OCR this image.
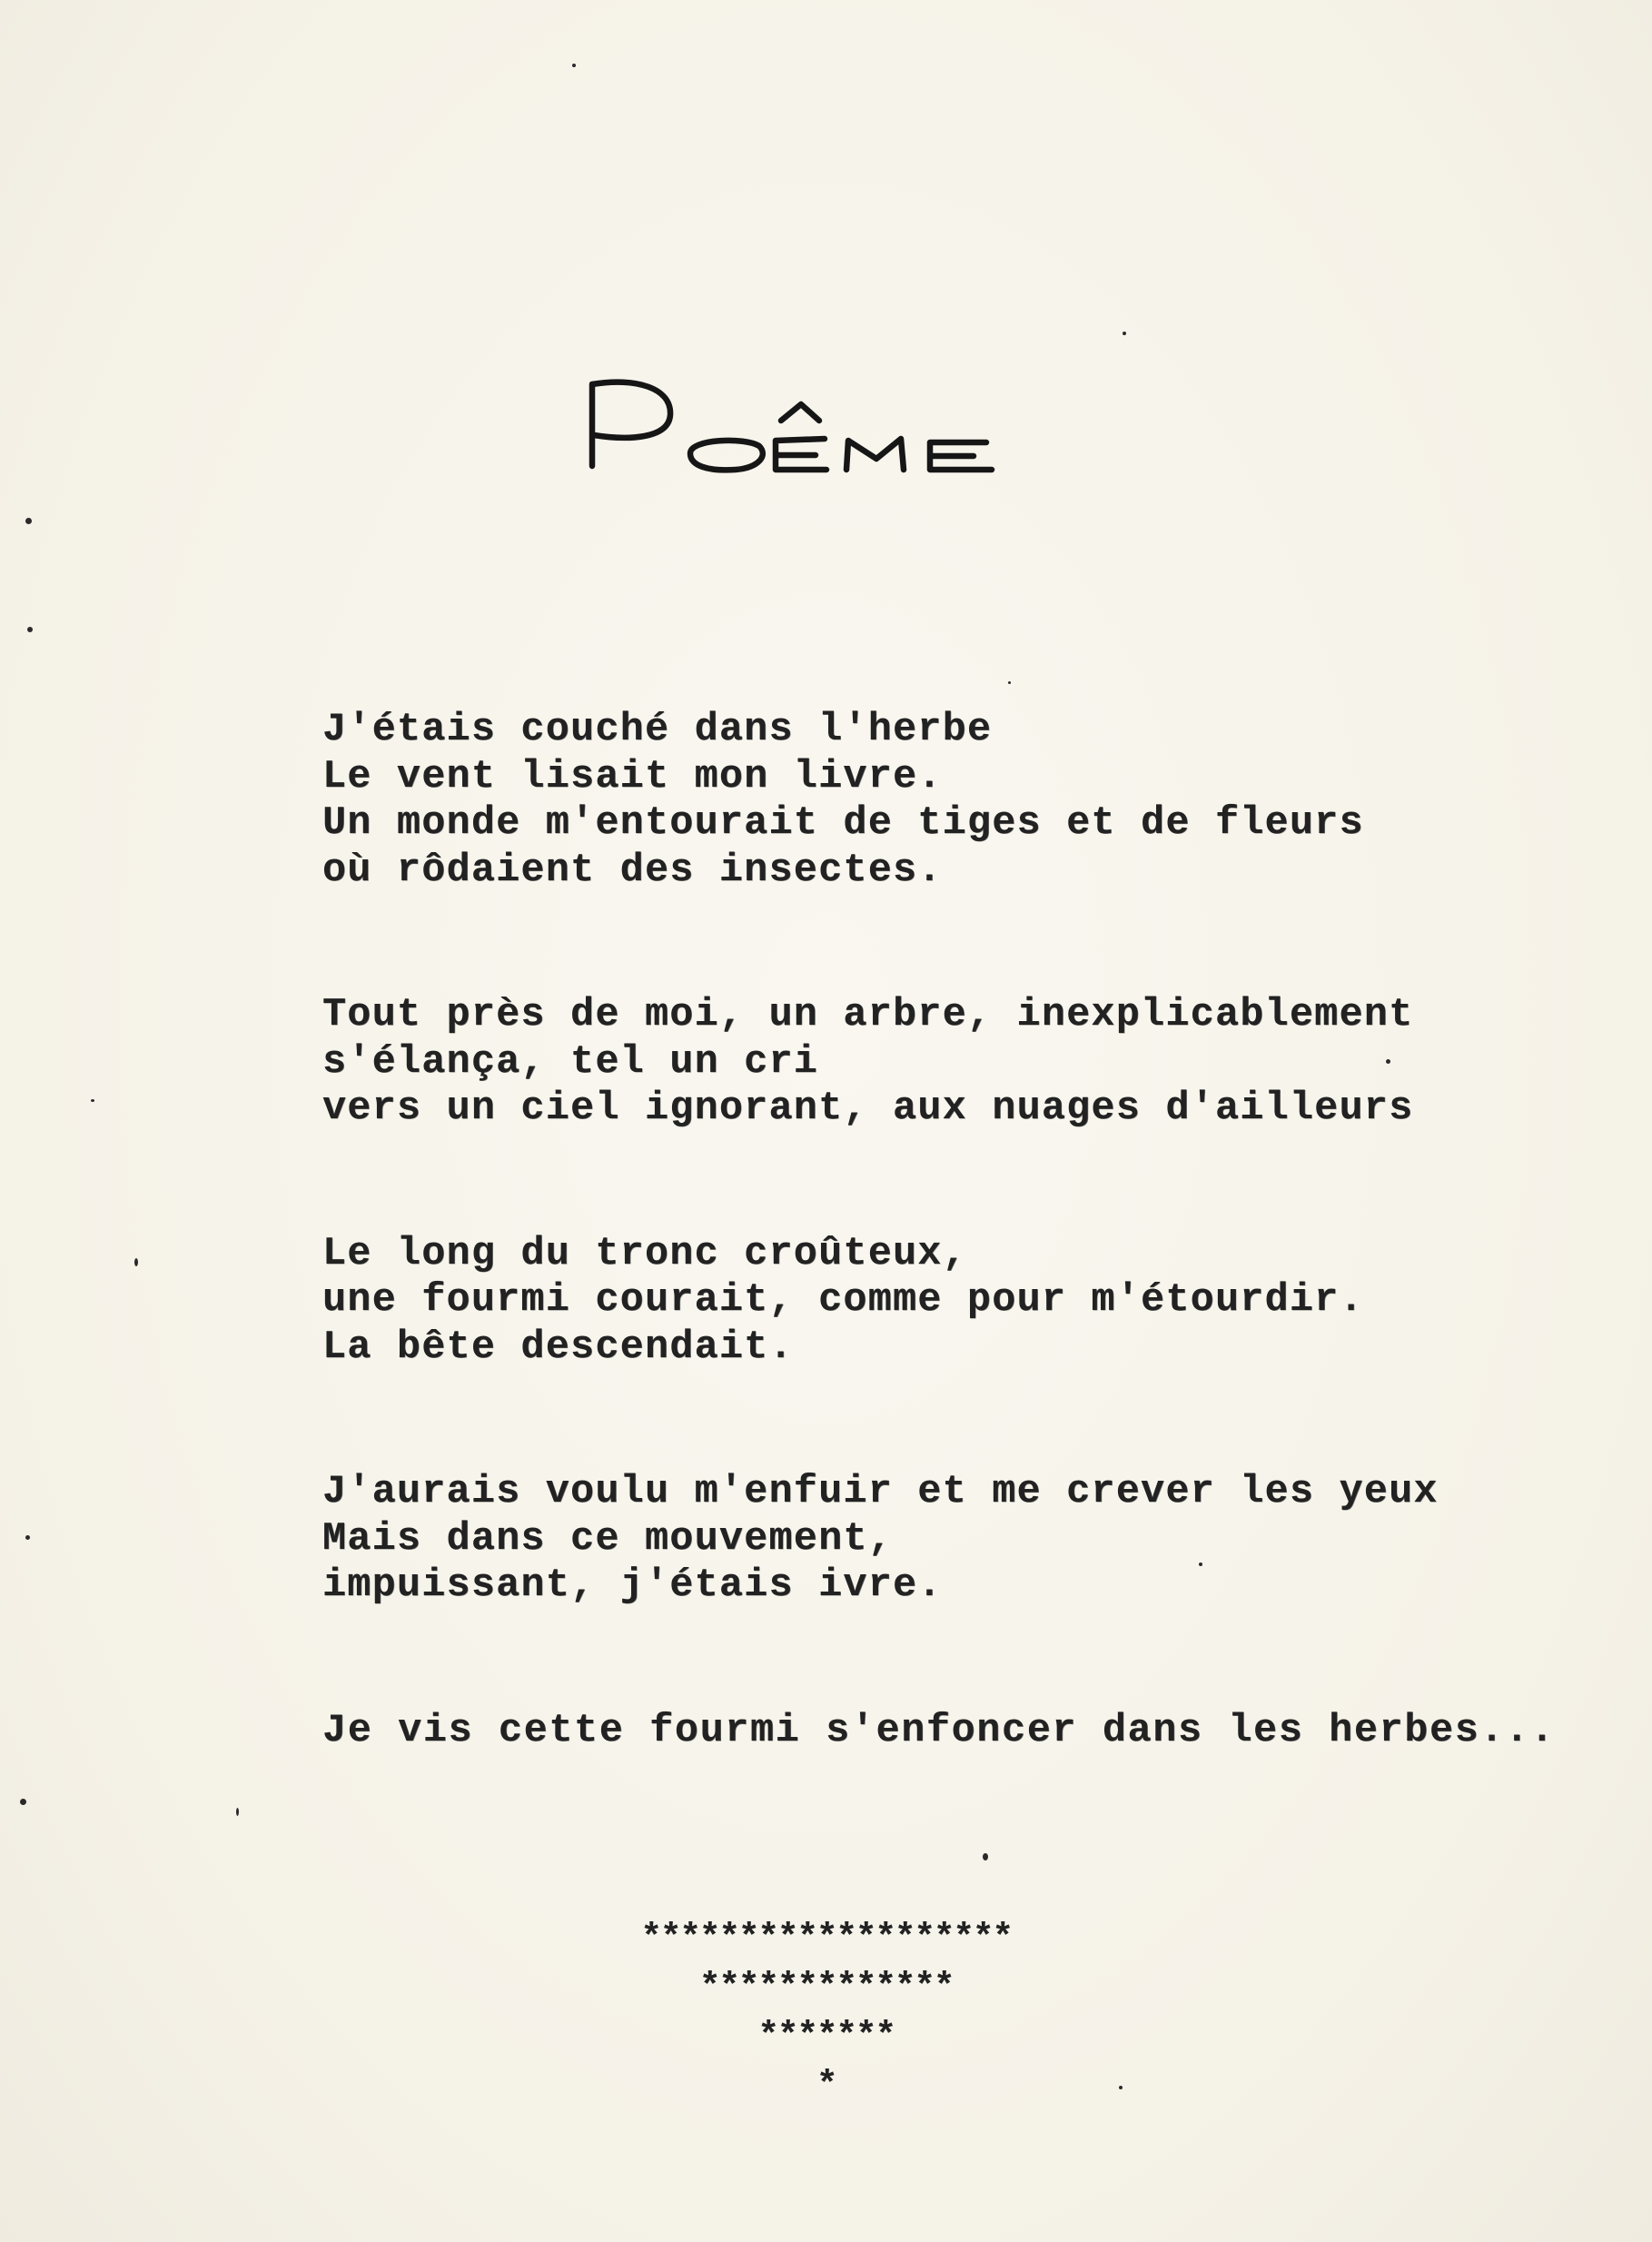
J'étais couché dans l'herbe
Le vent lisait mon livre.
Un monde m'entourait de tiges et de fleurs
où rôdaient des insectes.
Tout près de moi, un arbre, inexplicablement
s'élança, tel un cri
vers un ciel ignorant, aux nuages d'ailleurs
Le long du tronc croûteux,
une fourmi courait, comme pour m'étourdir.
La bête descendait.
J'aurais voulu m'enfuir et me crever les yeux
Mais dans ce mouvement,
impuissant, j'étais ivre.
Je vis cette fourmi s'enfoncer dans les herbes...
*******************
*************
*******
*
